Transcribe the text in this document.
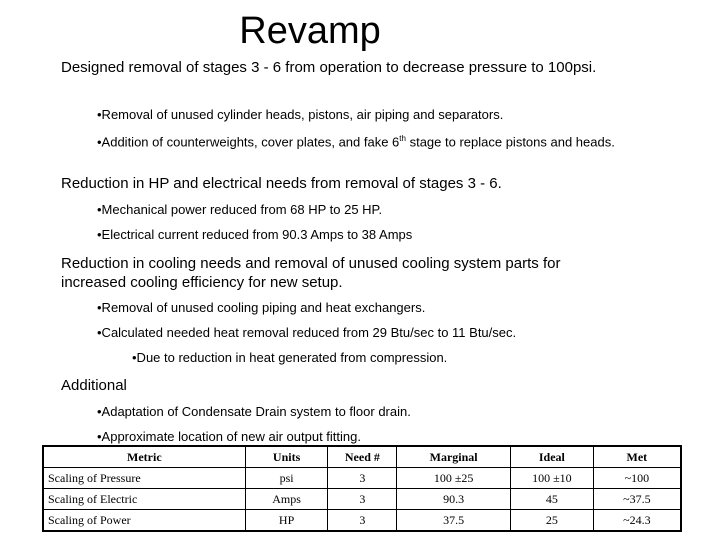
Revamp
Designed removal of stages 3 - 6 from operation to decrease pressure to 100psi.
•Removal of unused cylinder heads, pistons, air piping and separators.
•Addition of counterweights, cover plates, and fake 6th stage to replace pistons and heads.
Reduction in HP and electrical needs from removal of stages 3 - 6.
•Mechanical power reduced from 68 HP to 25 HP.
•Electrical current reduced from 90.3 Amps to 38 Amps
Reduction in cooling needs and removal of unused cooling system parts for increased cooling efficiency for new setup.
•Removal of unused cooling piping and heat exchangers.
•Calculated needed heat removal reduced from 29 Btu/sec to 11 Btu/sec.
•Due to reduction in heat generated from compression.
Additional
•Adaptation of Condensate Drain system to floor drain.
•Approximate location of new air output fitting.
Metric	Units	Need #	Marginal	Ideal	Met
Scaling of Pressure	psi	3	100 ±25	100 ±10	~100
Scaling of Electric	Amps	3	90.3	45	~37.5
Scaling of Power	HP	3	37.5	25	~24.3
